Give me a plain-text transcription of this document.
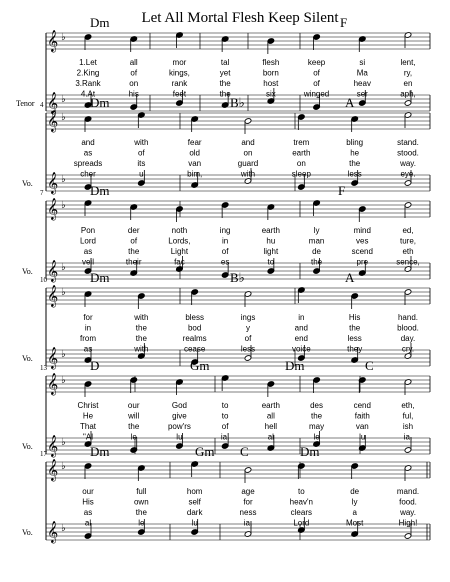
Let All Mortal Flesh Keep Silent
𝄞 ♭
𝄞 ♭
Tenor
Dm	F
1.Let	all	mor	tal	flesh	keep	si	lent,
2.King	of	kings,	yet	born	of	Ma	ry,
3.Rank	on	rank	the	host	of	heav	en
4.At	his	feet	the	six	winged	ser	aph,
𝄞 ♭
𝄞 ♭
4
Vo.
Dm	B♭	A
and	with	fear	and	trem	bling	stand.
as	of	old	on	earth	he	stood.
spreads	its	van	guard	on	the	way.
cher	u	bim,	with	sleep	less	eye.
𝄞 ♭
𝄞 ♭
7
Vo.
Dm	F
Pon	der	noth	ing	earth	ly	mind	ed,
Lord	of	Lords,	in	hu	man	ves	ture,
as	the	Light	of	light	de	scend	eth
veil	their	fac	es	to	the	pre	sence,
𝄞 ♭
𝄞 ♭
10
Vo.
Dm	B♭	A
for	with	bless	ings	in	His	hand.
in	the	bod	y	and	the	blood.
from	the	realms	of	end	less	day.
as	with	cease	less	voice	they	cry.
𝄞 ♭
𝄞 ♭
13
Vo.
D	Gm	Dm	C
Christ	our	God	to	earth	des	cend	eth,
He	will	give	to	all	the	faith	ful,
That	the	pow'rs	of	hell	may	van	ish
"Al	le	lu	ia,	al	le	lu	ia,
𝄞 ♭
𝄞 ♭
17
Vo.
Dm	Gm C	Dm
our	full	hom	age	to	de	mand.
His	own	self	for	heav'n	ly	food.
as	the	dark	ness	clears	a	way.
al	le	lu	ia,	Lord	Most	High!
